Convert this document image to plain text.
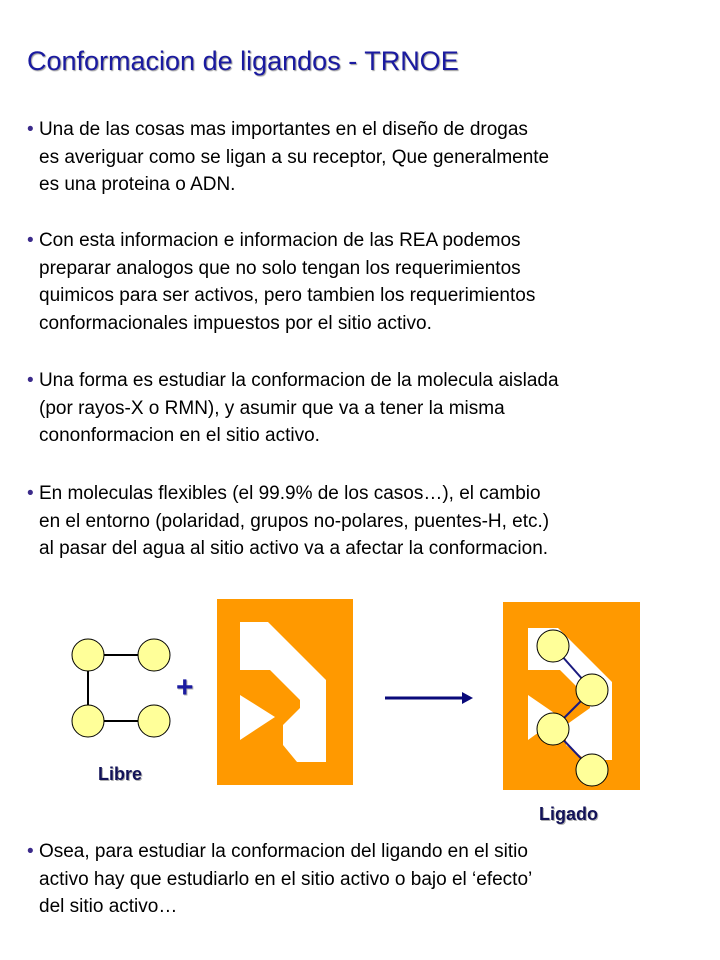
Conformacion de ligandos - TRNOE

• Una de las cosas mas importantes en el diseño de drogas
es averiguar como se ligan a su receptor, Que generalmente
es una proteina o ADN.

• Con esta informacion e informacion de las REA podemos
preparar analogos que no solo tengan los requerimientos
quimicos para ser activos, pero tambien los requerimientos
conformacionales impuestos por el sitio activo.

• Una forma es estudiar la conformacion de la molecula aislada
(por rayos-X o RMN), y asumir que va a tener la misma
cononformacion en el sitio activo.

• En moleculas flexibles (el 99.9% de los casos…), el cambio
en el entorno (polaridad, grupos no-polares, puentes-H, etc.)
al pasar del agua al sitio activo va a afectar la conformacion.

+
Libre
Ligado

• Osea, para estudiar la conformacion del ligando en el sitio
activo hay que estudiarlo en el sitio activo o bajo el ‘efecto’
del sitio activo…
